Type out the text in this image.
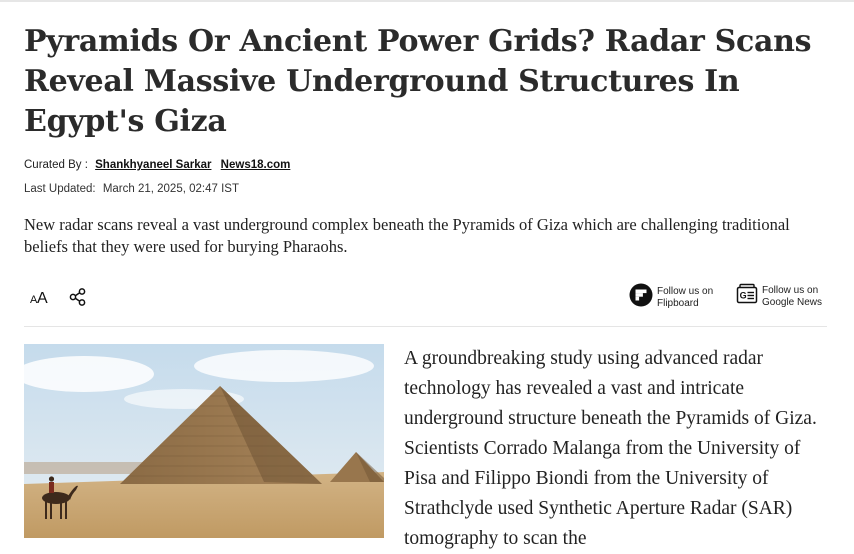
Pyramids Or Ancient Power Grids? Radar Scans Reveal Massive Underground Structures In Egypt's Giza
Curated By : Shankhyaneel Sarkar News18.com
Last Updated: March 21, 2025, 02:47 IST

New radar scans reveal a vast underground complex beneath the Pyramids of Giza which are challenging traditional beliefs that they were used for burying Pharaohs.

A A	Follow us on
Flipboard
G Follow us on
Google News

A groundbreaking study using advanced radar technology has revealed a vast and intricate underground structure beneath the Pyramids of Giza. Scientists Corrado Malanga from the University of Pisa and Filippo Biondi from the University of Strathclyde used Synthetic Aperture Radar (SAR) tomography to scan the
